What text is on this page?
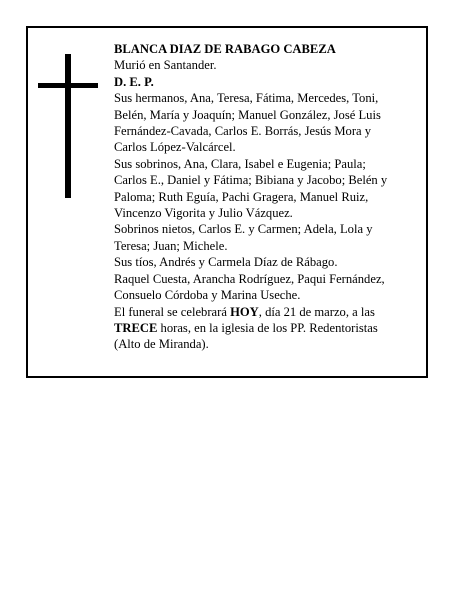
BLANCA DIAZ DE RABAGO CABEZA

Murió en Santander.

D. E. P.

Sus hermanos, Ana, Teresa, Fátima, Mercedes, Toni,

Belén, María y Joaquín; Manuel González, José Luis

Fernández-Cavada, Carlos E. Borrás, Jesús Mora y

Carlos López-Valcárcel.

Sus sobrinos, Ana, Clara, Isabel e Eugenia; Paula;

Carlos E., Daniel y Fátima; Bibiana y Jacobo; Belén y

Paloma; Ruth Eguía, Pachi Gragera, Manuel Ruiz,

Vincenzo Vigorita y Julio Vázquez.

Sobrinos nietos, Carlos E. y Carmen; Adela, Lola y

Teresa; Juan; Michele.

Sus tíos, Andrés y Carmela Díaz de Rábago.

Raquel Cuesta, Arancha Rodríguez, Paqui Fernández,

Consuelo Córdoba y Marina Useche.

El funeral se celebrará HOY, día 21 de marzo, a las

TRECE horas, en la iglesia de los PP. Redentoristas

(Alto de Miranda).
